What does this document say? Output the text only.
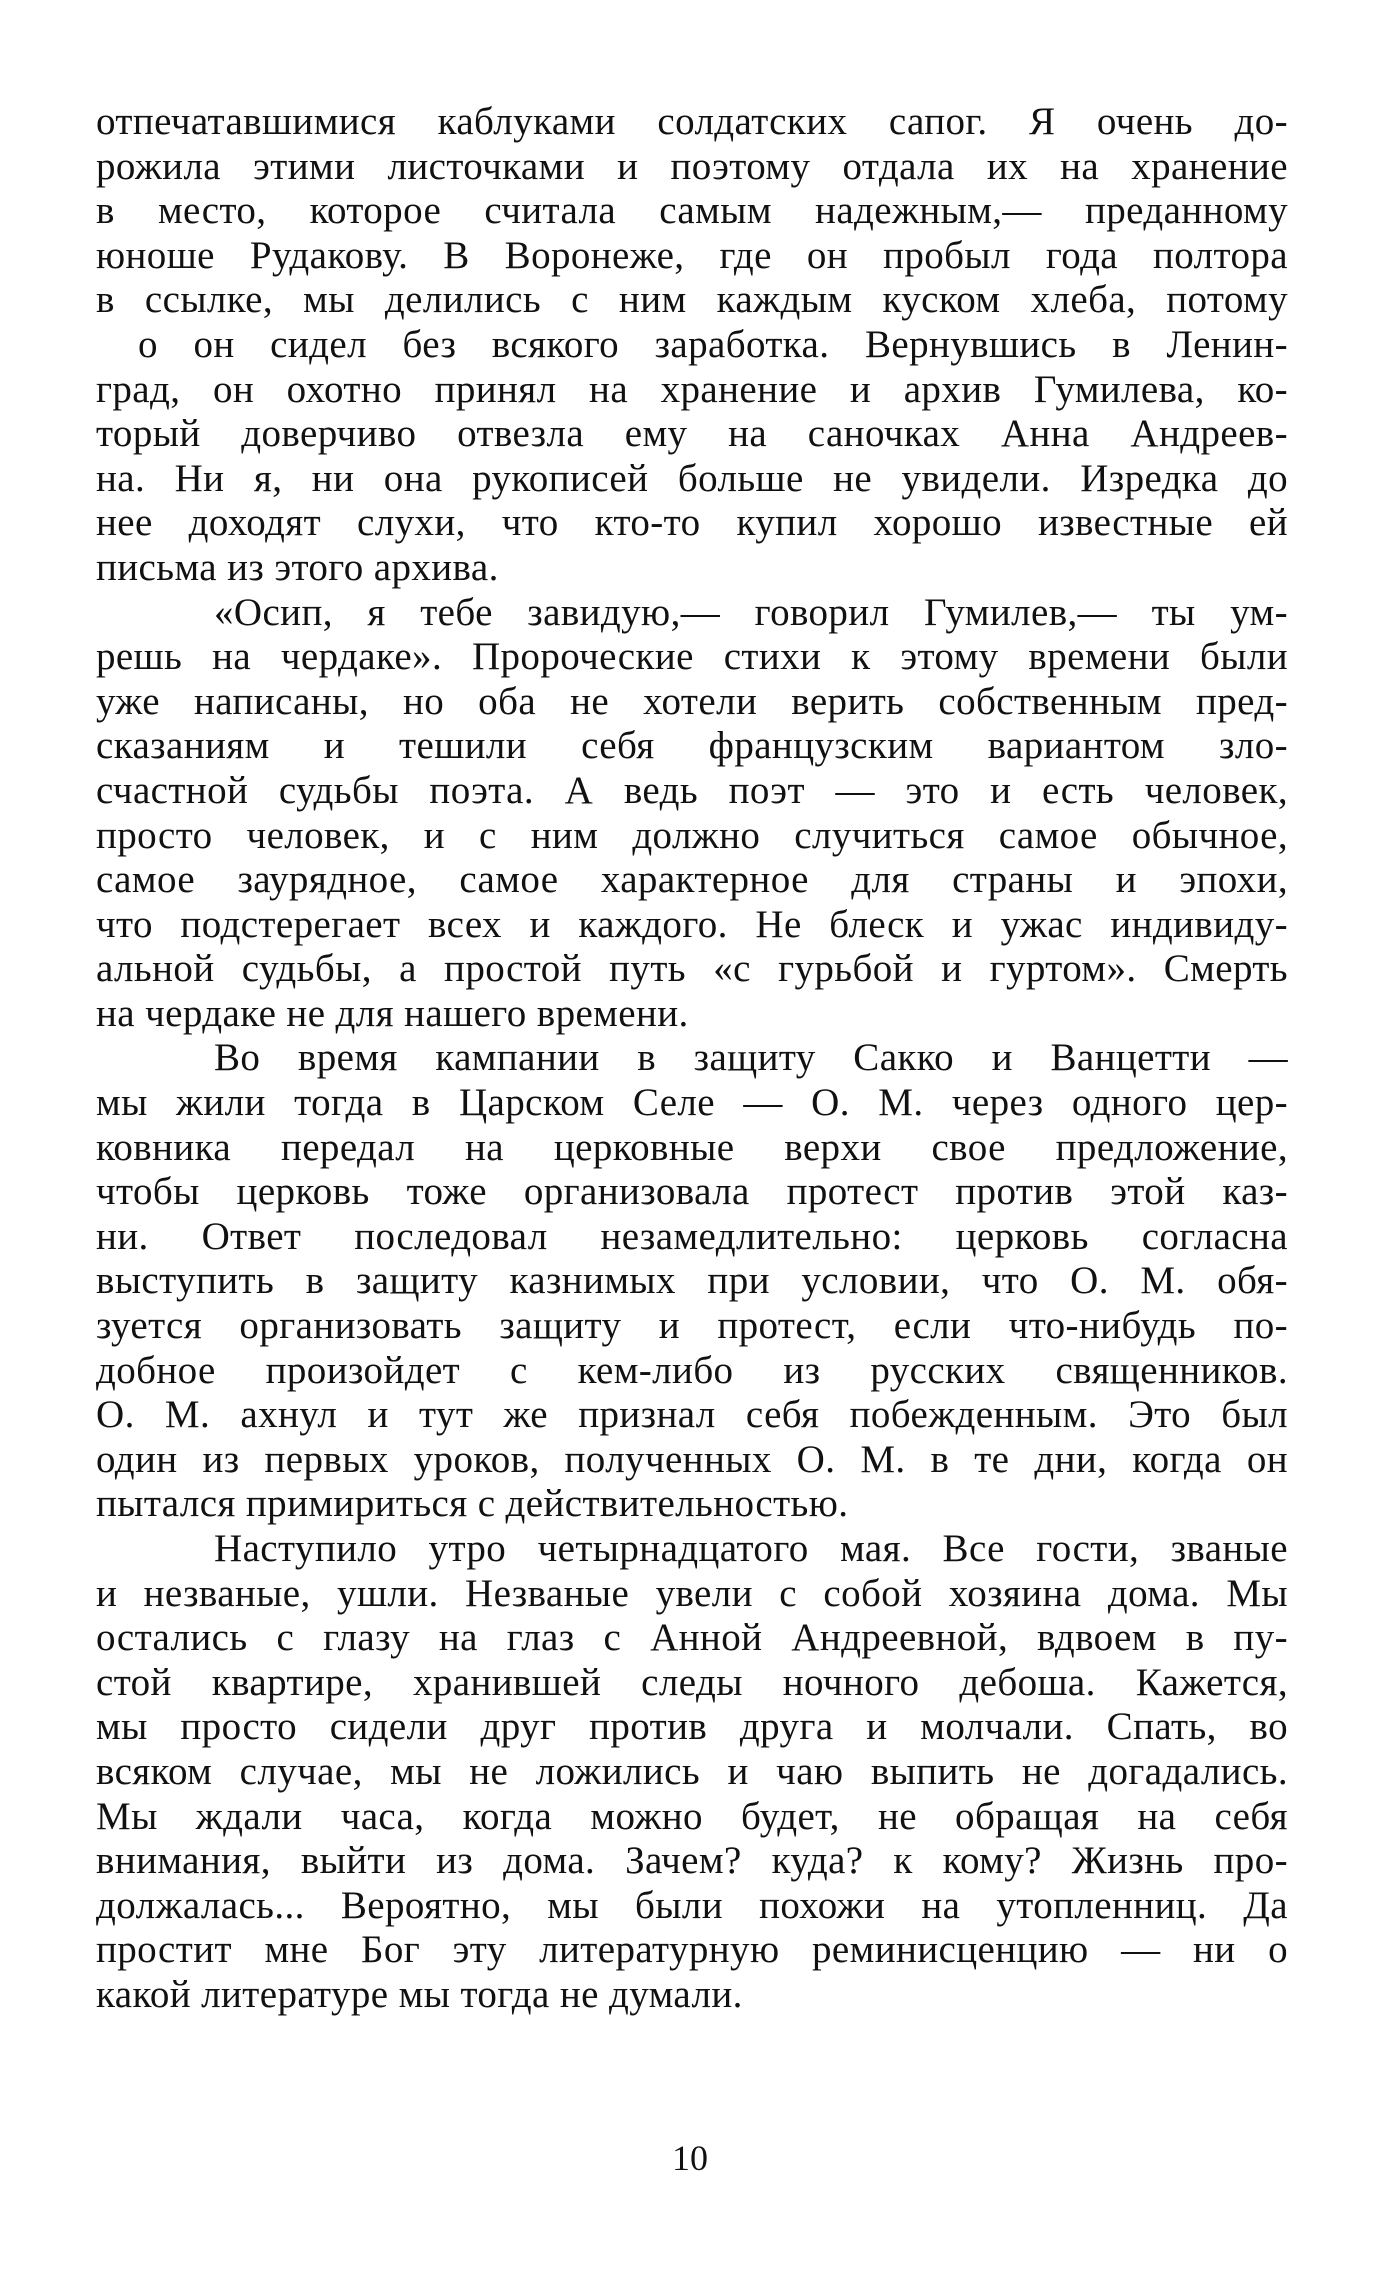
отпечатавшимися каблуками солдатских сапог. Я очень до-
рожила этими листочками и поэтому отдала их на хранение
в место, которое считала самым надежным,— преданному
юноше Рудакову. В Воронеже, где он пробыл года полтора
в ссылке, мы делились с ним каждым куском хлеба, потому
о он сидел без всякого заработка. Вернувшись в Ленин-
град, он охотно принял на хранение и архив Гумилева, ко-
торый доверчиво отвезла ему на саночках Анна Андреев-
на. Ни я, ни она рукописей больше не увидели. Изредка до
нее доходят слухи, что кто-то купил хорошо известные ей
письма из этого архива.
«Осип, я тебе завидую,— говорил Гумилев,— ты ум-
решь на чердаке». Пророческие стихи к этому времени были
уже написаны, но оба не хотели верить собственным пред-
сказаниям и тешили себя французским вариантом зло-
счастной судьбы поэта. А ведь поэт — это и есть человек,
просто человек, и с ним должно случиться самое обычное,
самое заурядное, самое характерное для страны и эпохи,
что подстерегает всех и каждого. Не блеск и ужас индивиду-
альной судьбы, а простой путь «с гурьбой и гуртом». Смерть
на чердаке не для нашего времени.
Во время кампании в защиту Сакко и Ванцетти —
мы жили тогда в Царском Селе — О. М. через одного цер-
ковника передал на церковные верхи свое предложение,
чтобы церковь тоже организовала протест против этой каз-
ни. Ответ последовал незамедлительно: церковь согласна
выступить в защиту казнимых при условии, что О. М. обя-
зуется организовать защиту и протест, если что-нибудь по-
добное произойдет с кем-либо из русских священников.
О. М. ахнул и тут же признал себя побежденным. Это был
один из первых уроков, полученных О. М. в те дни, когда он
пытался примириться с действительностью.
Наступило утро четырнадцатого мая. Все гости, званые
и незваные, ушли. Незваные увели с собой хозяина дома. Мы
остались с глазу на глаз с Анной Андреевной, вдвоем в пу-
стой квартире, хранившей следы ночного дебоша. Кажется,
мы просто сидели друг против друга и молчали. Спать, во
всяком случае, мы не ложились и чаю выпить не догадались.
Мы ждали часа, когда можно будет, не обращая на себя
внимания, выйти из дома. Зачем? куда? к кому? Жизнь про-
должалась... Вероятно, мы были похожи на утопленниц. Да
простит мне Бог эту литературную реминисценцию — ни о
какой литературе мы тогда не думали.
10
